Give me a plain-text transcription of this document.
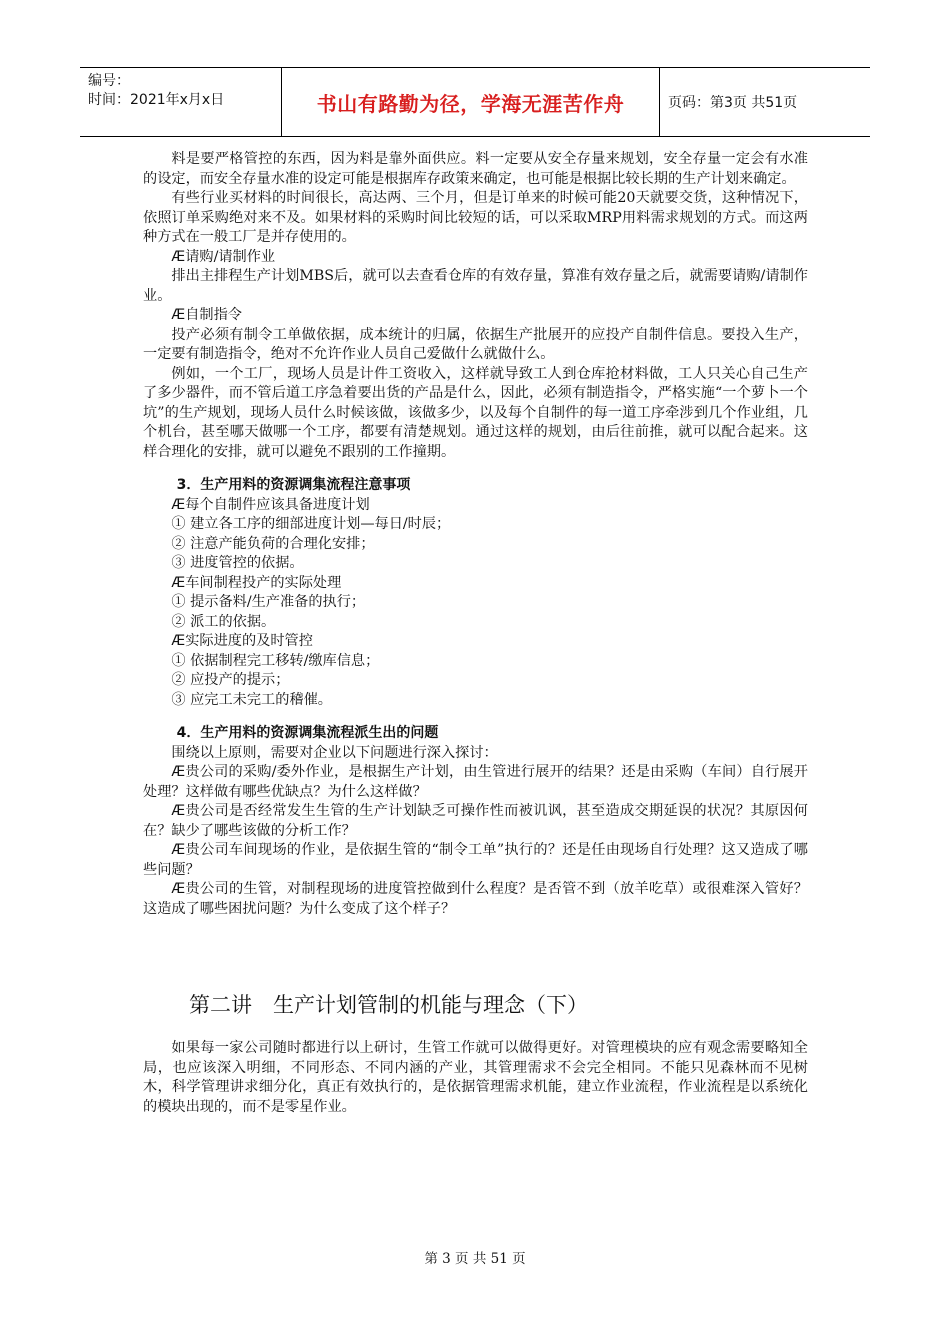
编号：
时间：2021年x月x日	书山有路勤为径，学海无涯苦作舟	页码：第3页 共51页

料是要严格管控的东西，因为料是靠外面供应。料一定要从安全存量来规划，安全存量一定会有水准的设定，而安全存量水准的设定可能是根据库存政策来确定，也可能是根据比较长期的生产计划来确定。

有些行业买材料的时间很长，高达两、三个月，但是订单来的时候可能20天就要交货，这种情况下，依照订单采购绝对来不及。如果材料的采购时间比较短的话，可以采取MRP用料需求规划的方式。而这两种方式在一般工厂是并存使用的。

Æ请购/请制作业

排出主排程生产计划MBS后，就可以去查看仓库的有效存量，算准有效存量之后，就需要请购/请制作业。

Æ自制指令

投产必须有制令工单做依据，成本统计的归属，依据生产批展开的应投产自制件信息。要投入生产，一定要有制造指令，绝对不允许作业人员自己爱做什么就做什么。

例如，一个工厂，现场人员是计件工资收入，这样就导致工人到仓库抢材料做，工人只关心自己生产了多少器件，而不管后道工序急着要出货的产品是什么，因此，必须有制造指令，严格实施“一个萝卜一个坑”的生产规划，现场人员什么时候该做，该做多少，以及每个自制件的每一道工序牵涉到几个作业组，几个机台，甚至哪天做哪一个工序，都要有清楚规划。通过这样的规划，由后往前推，就可以配合起来。这样合理化的安排，就可以避免不跟别的工作撞期。

3．生产用料的资源调集流程注意事项

Æ每个自制件应该具备进度计划

① 建立各工序的细部进度计划—每日/时辰；

② 注意产能负荷的合理化安排；

③ 进度管控的依据。

Æ车间制程投产的实际处理

① 提示备料/生产准备的执行；

② 派工的依据。

Æ实际进度的及时管控

① 依据制程完工移转/缴库信息；

② 应投产的提示；

③ 应完工未完工的稽催。

4．生产用料的资源调集流程派生出的问题

围绕以上原则，需要对企业以下问题进行深入探讨：

Æ贵公司的采购/委外作业，是根据生产计划，由生管进行展开的结果？还是由采购（车间）自行展开处理？这样做有哪些优缺点？为什么这样做？

Æ贵公司是否经常发生生管的生产计划缺乏可操作性而被讥讽，甚至造成交期延误的状况？其原因何在？缺少了哪些该做的分析工作？

Æ贵公司车间现场的作业，是依据生管的“制令工单”执行的？还是任由现场自行处理？这又造成了哪些问题？

Æ贵公司的生管，对制程现场的进度管控做到什么程度？是否管不到（放羊吃草）或很难深入管好？这造成了哪些困扰问题？为什么变成了这个样子？

第二讲　生产计划管制的机能与理念（下）

如果每一家公司随时都进行以上研讨，生管工作就可以做得更好。对管理模块的应有观念需要略知全局，也应该深入明细，不同形态、不同内涵的产业，其管理需求不会完全相同。不能只见森林而不见树木，科学管理讲求细分化，真正有效执行的，是依据管理需求机能，建立作业流程，作业流程是以系统化的模块出现的，而不是零星作业。

第 3 页 共 51 页
